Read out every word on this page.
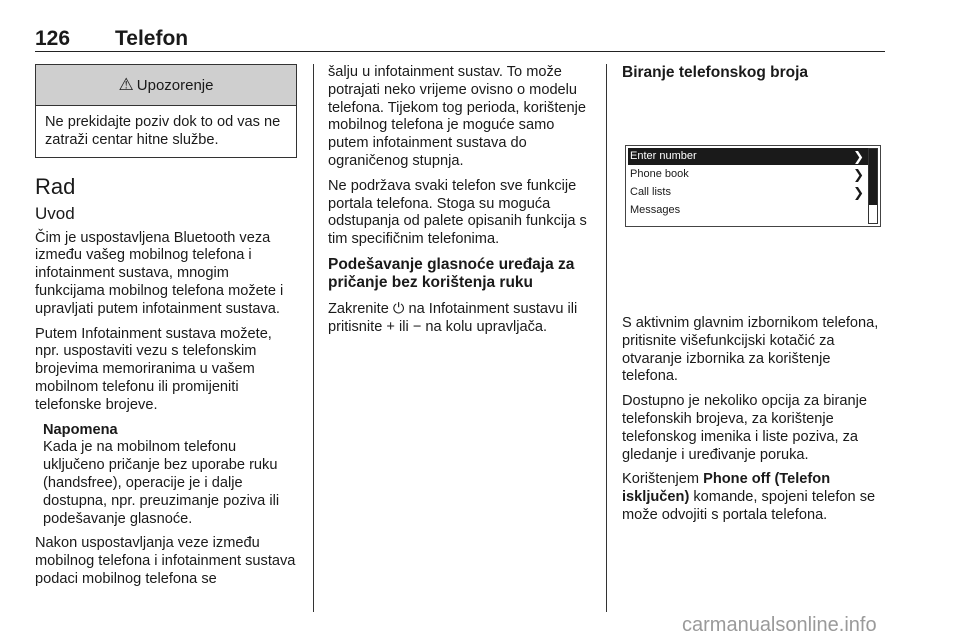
126 Telefon
⚠ Upozorenje
Ne prekidajte poziv dok to od vas ne zatraži centar hitne službe.
Rad
Uvod

Čim je uspostavljena Bluetooth veza između vašeg mobilnog telefona i infotainment sustava, mnogim funkcijama mobilnog telefona možete i upravljati putem infotainment sustava.

Putem Infotainment sustava možete, npr. uspostaviti vezu s telefonskim brojevima memoriranima u vašem mobilnom telefonu ili promijeniti telefonske brojeve.

Napomena

Kada je na mobilnom telefonu uključeno pričanje bez uporabe ruku (handsfree), operacije je i dalje dostupna, npr. preuzimanje poziva ili podešavanje glasnoće.

Nakon uspostavljanja veze između mobilnog telefona i infotainment sustava podaci mobilnog telefona se

šalju u infotainment sustav. To može potrajati neko vrijeme ovisno o modelu telefona. Tijekom tog perioda, korištenje mobilnog telefona je moguće samo putem infotainment sustava do ograničenog stupnja.

Ne podržava svaki telefon sve funkcije portala telefona. Stoga su moguća odstupanja od palete opisanih funkcija s tim specifičnim telefonima.

Podešavanje glasnoće uređaja za pričanje bez korištenja ruku

Zakrenite ⏻ na Infotainment sustavu ili pritisnite + ili − na kolu upravljača.

Biranje telefonskog broja
Enter number	❯
Phone book	❯
Call lists	❯
Messages

S aktivnim glavnim izbornikom telefona, pritisnite višefunkcijski kotačić za otvaranje izbornika za korištenje telefona.

Dostupno je nekoliko opcija za biranje telefonskih brojeva, za korištenje telefonskog imenika i liste poziva, za gledanje i uređivanje poruka.

Korištenjem Phone off (Telefon isključen) komande, spojeni telefon se može odvojiti s portala telefona.

carmanualsonline.info
